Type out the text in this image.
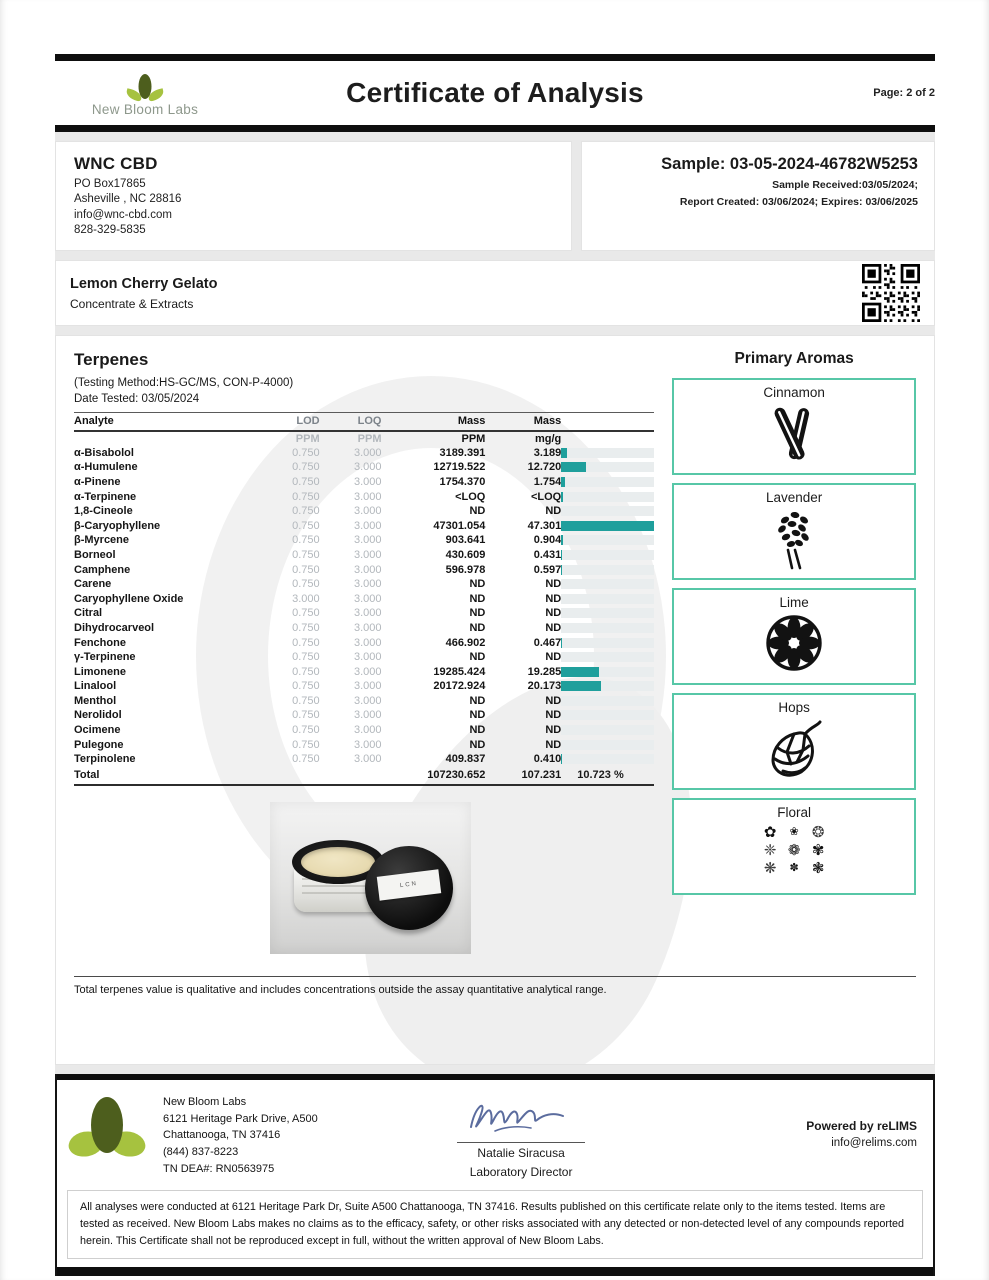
New Bloom Labs
Certificate of Analysis	Page: 2 of 2
WNC CBD
PO Box17865
Asheville , NC 28816
info@wnc-cbd.com
828-329-5835
Sample: 03-05-2024-46782W5253
Sample Received:03/05/2024;
Report Created: 03/06/2024; Expires: 03/06/2025
Lemon Cherry Gelato
Concentrate & Extracts
Terpenes
(Testing Method:HS-GC/MS, CON-P-4000)
Date Tested: 03/05/2024
Analyte	LOD	LOQ	Mass	Mass	
	PPM	PPM	PPM	mg/g	
α-Bisabolol	0.750	3.000	3189.391	3.189	

α-Humulene	0.750	3.000	12719.522	12.720	

α-Pinene	0.750	3.000	1754.370	1.754	

α-Terpinene	0.750	3.000	<LOQ	<LOQ	

1,8-Cineole	0.750	3.000	ND	ND	

β-Caryophyllene	0.750	3.000	47301.054	47.301	

β-Myrcene	0.750	3.000	903.641	0.904	

Borneol	0.750	3.000	430.609	0.431	

Camphene	0.750	3.000	596.978	0.597	

Carene	0.750	3.000	ND	ND	

Caryophyllene Oxide	3.000	3.000	ND	ND	

Citral	0.750	3.000	ND	ND	

Dihydrocarveol	0.750	3.000	ND	ND	

Fenchone	0.750	3.000	466.902	0.467	

γ-Terpinene	0.750	3.000	ND	ND	

Limonene	0.750	3.000	19285.424	19.285	

Linalool	0.750	3.000	20172.924	20.173	

Menthol	0.750	3.000	ND	ND	

Nerolidol	0.750	3.000	ND	ND	

Ocimene	0.750	3.000	ND	ND	

Pulegone	0.750	3.000	ND	ND	

Terpinolene	0.750	3.000	409.837	0.410	

Total			107230.652	107.231	10.723 %
LCN
Primary Aromas
Cinnamon
Lavender
Lime
Hops
Floral
✿	❀ ❂
❈ ❁ ✾
❋	✽ ❃
Total terpenes value is qualitative and includes concentrations outside the assay quantitative analytical range.
New Bloom Labs
6121 Heritage Park Drive, A500
Chattanooga, TN 37416
(844) 837-8223
TN DEA#: RN0563975
Natalie Siracusa
Laboratory Director
Powered by reLIMS
info@relims.com
All analyses were conducted at 6121 Heritage Park Dr, Suite A500 Chattanooga, TN 37416. Results published on this certificate relate only to the items tested. Items are tested as received. New Bloom Labs makes no claims as to the efficacy, safety, or other risks associated with any detected or non-detected level of any compounds reported herein. This Certificate shall not be reproduced except in full, without the written approval of New Bloom Labs.
